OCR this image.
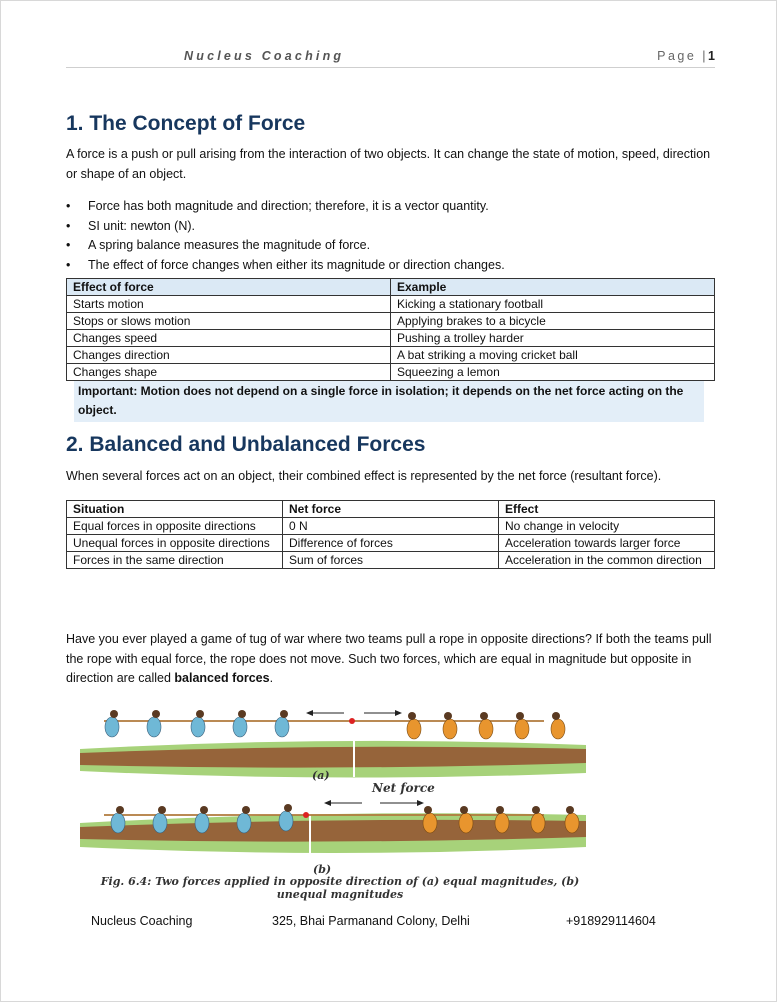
Nucleus Coaching	Page |1
1. The Concept of Force

A force is a push or pull arising from the interaction of two objects. It can change the state of motion, speed, direction or shape of an object.

• Force has both magnitude and direction; therefore, it is a vector quantity.
• SI unit: newton (N).
• A spring balance measures the magnitude of force.
• The effect of force changes when either its magnitude or direction changes.
Effect of force	Example
Starts motion	Kicking a stationary football
Stops or slows motion	Applying brakes to a bicycle
Changes speed	Pushing a trolley harder
Changes direction	A bat striking a moving cricket ball
Changes shape	Squeezing a lemon
Important: Motion does not depend on a single force in isolation; it depends on the net force acting on the object.
2. Balanced and Unbalanced Forces

When several forces act on an object, their combined effect is represented by the net force (resultant force).

Situation	Net force	Effect
Equal forces in opposite directions	0 N	No change in velocity
Unequal forces in opposite directions	Difference of forces	Acceleration towards larger force
Forces in the same direction	Sum of forces	Acceleration in the common direction

Have you ever played a game of tug of war where two teams pull a rope in opposite directions? If both the teams pull the rope with equal force, the rope does not move. Such two forces, which are equal in magnitude but opposite in direction are called balanced forces.

(a)
Net force
(b)
Fig. 6.4: Two forces applied in opposite direction of (a) equal magnitudes, (b) unequal magnitudes
Nucleus Coaching	325, Bhai Parmanand Colony, Delhi	+918929114604
